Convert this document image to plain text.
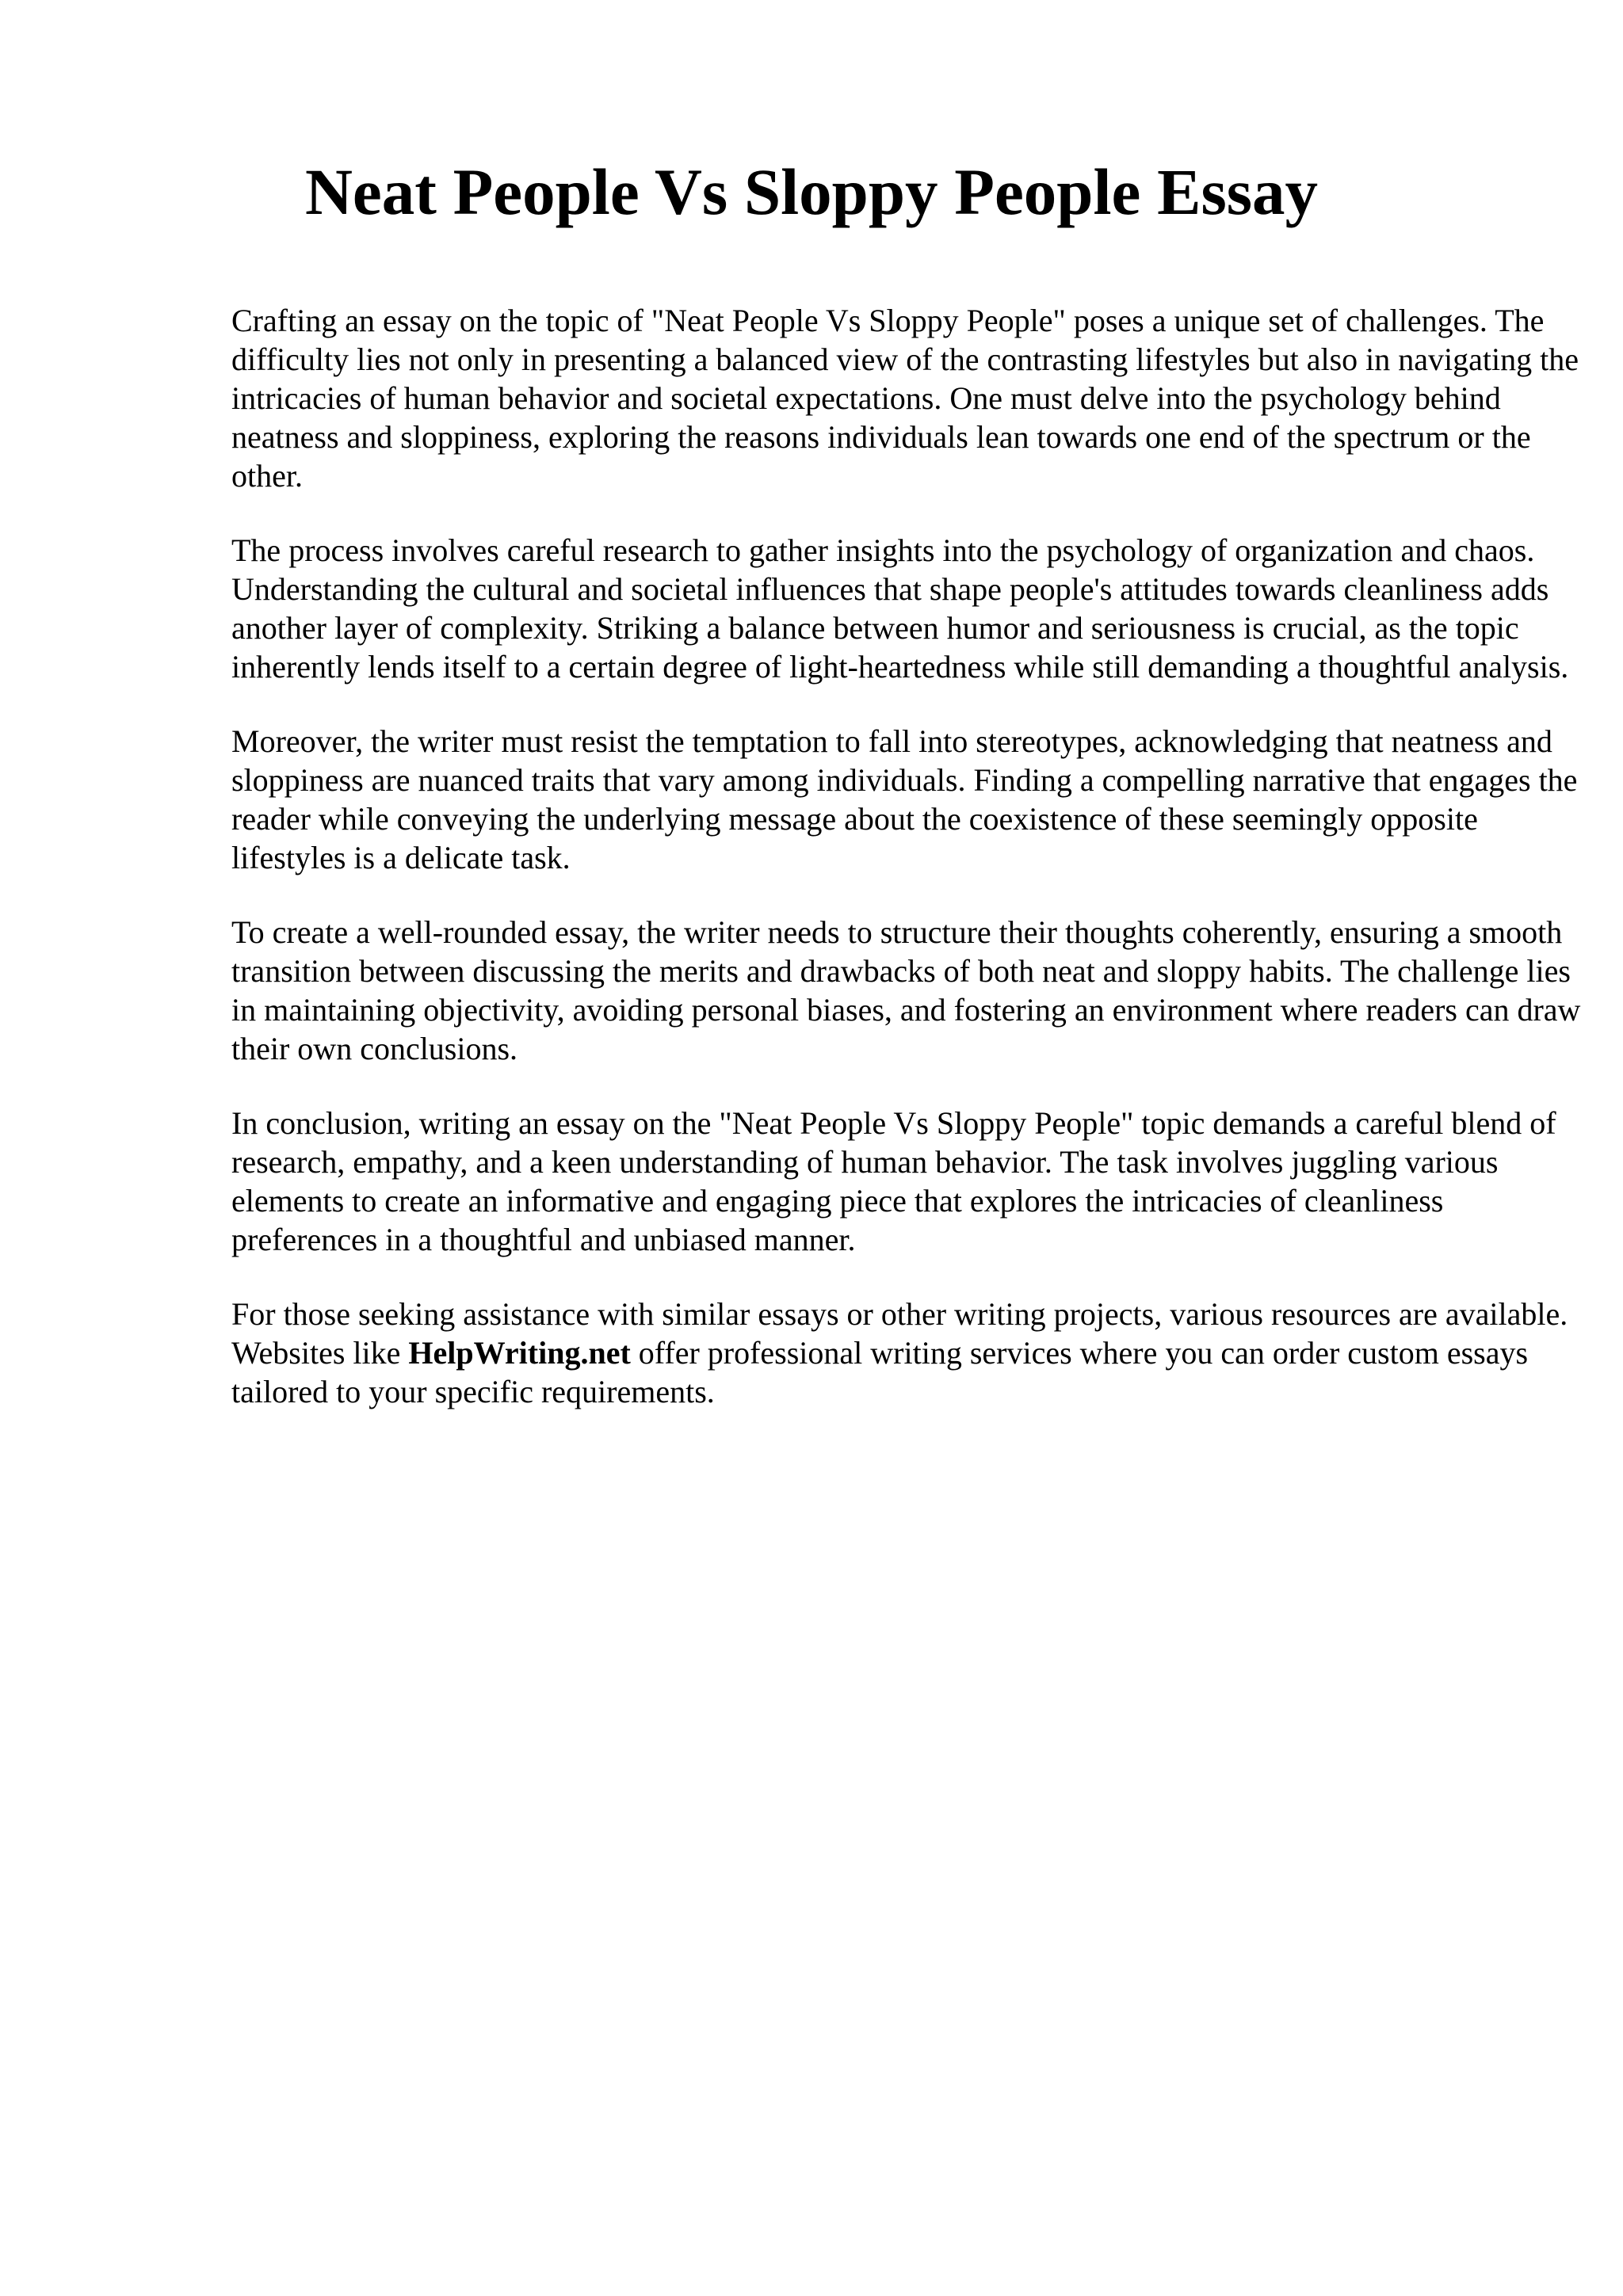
Neat People Vs Sloppy People Essay

Crafting an essay on the topic of "Neat People Vs Sloppy People" poses a unique set of challenges. The difficulty lies not only in presenting a balanced view of the contrasting lifestyles but also in navigating the intricacies of human behavior and societal expectations. One must delve into the psychology behind neatness and sloppiness, exploring the reasons individuals lean towards one end of the spectrum or the other.

The process involves careful research to gather insights into the psychology of organization and chaos. Understanding the cultural and societal influences that shape people's attitudes towards cleanliness adds another layer of complexity. Striking a balance between humor and seriousness is crucial, as the topic inherently lends itself to a certain degree of light-heartedness while still demanding a thoughtful analysis.

Moreover, the writer must resist the temptation to fall into stereotypes, acknowledging that neatness and sloppiness are nuanced traits that vary among individuals. Finding a compelling narrative that engages the reader while conveying the underlying message about the coexistence of these seemingly opposite lifestyles is a delicate task.

To create a well-rounded essay, the writer needs to structure their thoughts coherently, ensuring a smooth transition between discussing the merits and drawbacks of both neat and sloppy habits. The challenge lies in maintaining objectivity, avoiding personal biases, and fostering an environment where readers can draw their own conclusions.

In conclusion, writing an essay on the "Neat People Vs Sloppy People" topic demands a careful blend of research, empathy, and a keen understanding of human behavior. The task involves juggling various elements to create an informative and engaging piece that explores the intricacies of cleanliness preferences in a thoughtful and unbiased manner.

For those seeking assistance with similar essays or other writing projects, various resources are available. Websites like HelpWriting.net offer professional writing services where you can order custom essays tailored to your specific requirements.
